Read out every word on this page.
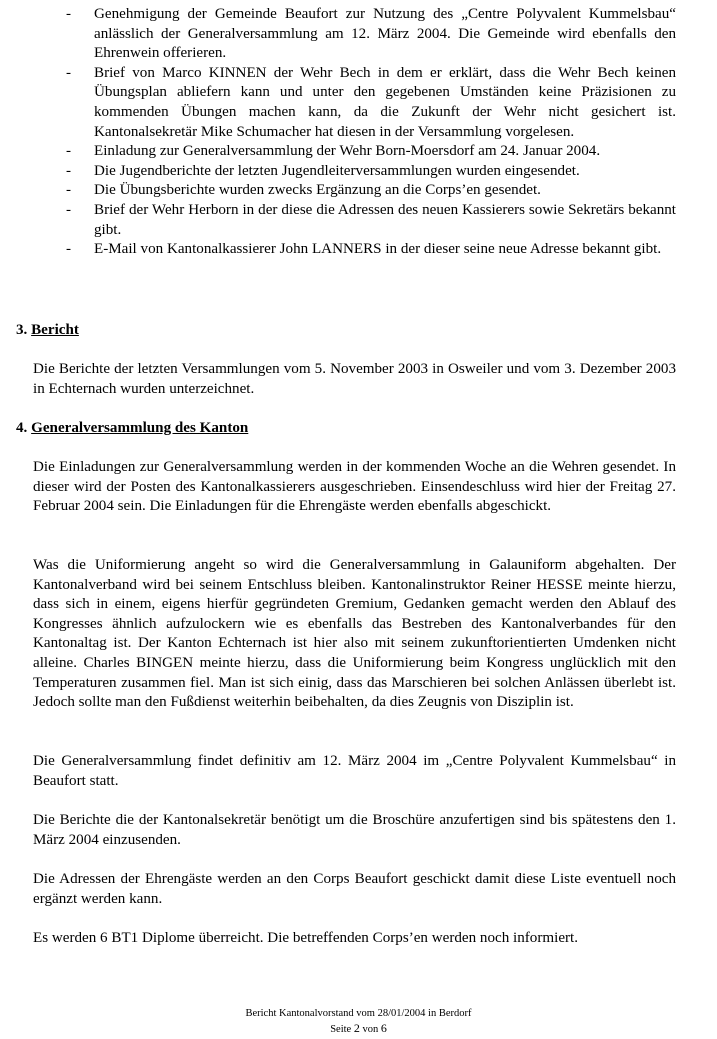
-	Genehmigung der Gemeinde Beaufort zur Nutzung des „Centre Polyvalent Kummelsbau“ anlässlich der Generalversammlung am 12. März 2004. Die Gemeinde wird ebenfalls den Ehrenwein offerieren.
-	Brief von Marco KINNEN der Wehr Bech in dem er erklärt, dass die Wehr Bech keinen Übungsplan abliefern kann und unter den gegebenen Umständen keine Präzisionen zu kommenden Übungen machen kann, da die Zukunft der Wehr nicht gesichert ist. Kantonalsekretär Mike Schumacher hat diesen in der Versammlung vorgelesen.
-	Einladung zur Generalversammlung der Wehr Born-Moersdorf am 24. Januar 2004.
-	Die Jugendberichte der letzten Jugendleiterversammlungen wurden eingesendet.
-	Die Übungsberichte wurden zwecks Ergänzung an die Corps’en gesendet.
-	Brief der Wehr Herborn in der diese die Adressen des neuen Kassierers sowie Sekretärs bekannt gibt.
-	E-Mail von Kantonalkassierer John LANNERS in der dieser seine neue Adresse bekannt gibt.
3. Bericht
Die Berichte der letzten Versammlungen vom 5. November 2003 in Osweiler und vom 3. Dezember 2003 in Echternach wurden unterzeichnet.
4. Generalversammlung des Kanton
Die Einladungen zur Generalversammlung werden in der kommenden Woche an die Wehren gesendet. In dieser wird der Posten des Kantonalkassierers ausgeschrieben. Einsendeschluss wird hier der Freitag 27. Februar 2004 sein. Die Einladungen für die Ehrengäste werden ebenfalls abgeschickt.
Was die Uniformierung angeht so wird die Generalversammlung in Galauniform abgehalten. Der Kantonalverband wird bei seinem Entschluss bleiben. Kantonalinstruktor Reiner HESSE meinte hierzu, dass sich in einem, eigens hierfür gegründeten Gremium, Gedanken gemacht werden den Ablauf des Kongresses ähnlich aufzulockern wie es ebenfalls das Bestreben des Kantonalverbandes für den Kantonaltag ist. Der Kanton Echternach ist hier also mit seinem zukunftorientierten Umdenken nicht alleine. Charles BINGEN meinte hierzu, dass die Uniformierung beim Kongress unglücklich mit den Temperaturen zusammen fiel. Man ist sich einig, dass das Marschieren bei solchen Anlässen überlebt ist. Jedoch sollte man den Fußdienst weiterhin beibehalten, da dies Zeugnis von Disziplin ist.
Die Generalversammlung findet definitiv am 12. März 2004 im „Centre Polyvalent Kummelsbau“ in Beaufort statt.
Die Berichte die der Kantonalsekretär benötigt um die Broschüre anzufertigen sind bis spätestens den 1. März 2004 einzusenden.
Die Adressen der Ehrengäste werden an den Corps Beaufort geschickt damit diese Liste eventuell noch ergänzt werden kann.
Es werden 6 BT1 Diplome überreicht. Die betreffenden Corps’en werden noch informiert.
Bericht Kantonalvorstand vom 28/01/2004 in Berdorf
Seite 2 von 6
